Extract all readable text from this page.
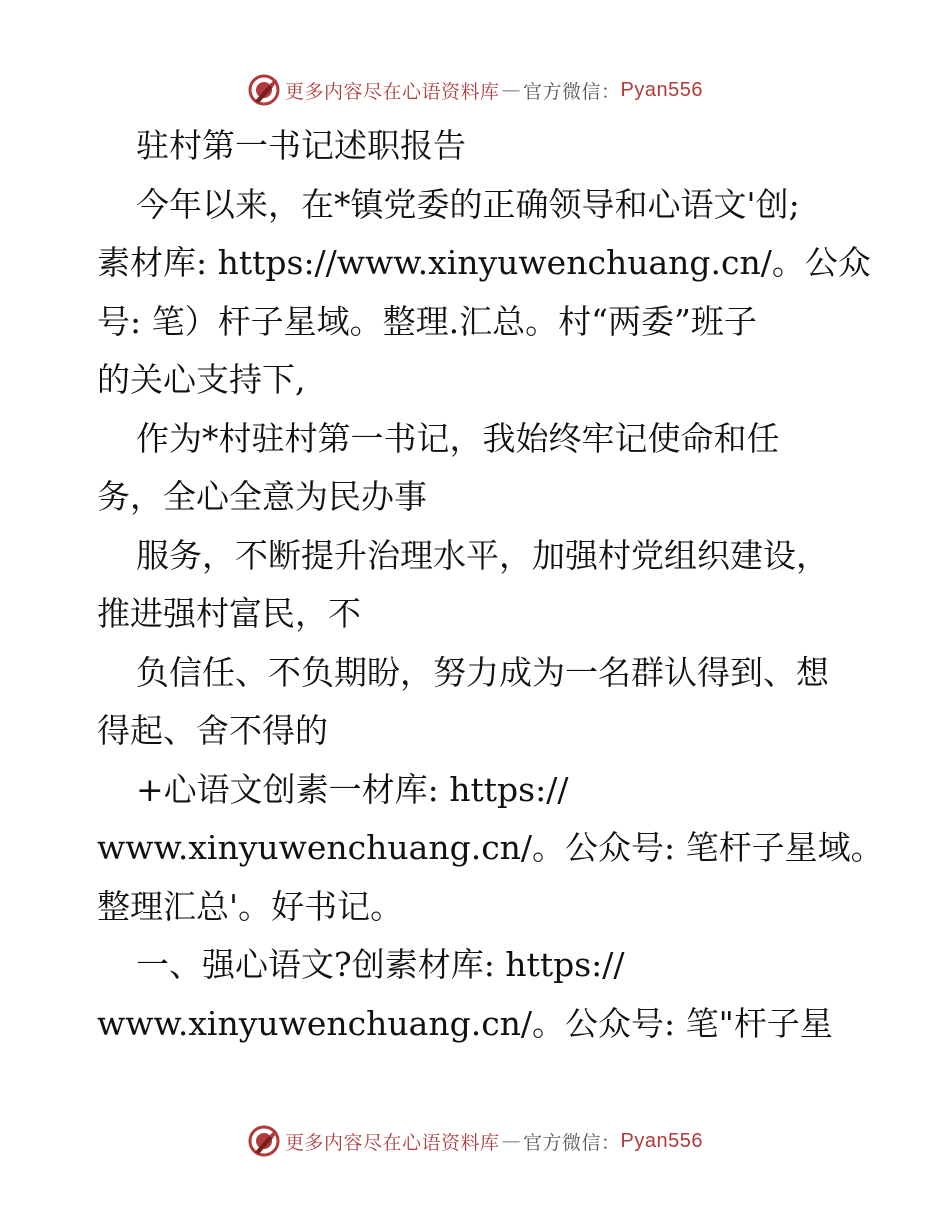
更多内容尽在心语资料库 — 官方微信： Pyan556

驻村第一书记述职报告

今年以来，在*镇党委的正确领导和心语文'创;

素材库: https://www.xinyuwenchuang.cn/。公众

号: 笔）杆子星域。整理.汇总。村“两委”班子

的关心支持下,

作为*村驻村第一书记，我始终牢记使命和任

务，全心全意为民办事

服务，不断提升治理水平，加强村党组织建设，

推进强村富民，不

负信任、不负期盼，努力成为一名群认得到、想

得起、舍不得的

+心语文创素一材库: https://

www.xinyuwenchuang.cn/。公众号: 笔杆子星域。

整理汇总'。好书记。

一、强心语文?创素材库: https://

www.xinyuwenchuang.cn/。公众号: 笔"杆子星

更多内容尽在心语资料库 — 官方微信： Pyan556
